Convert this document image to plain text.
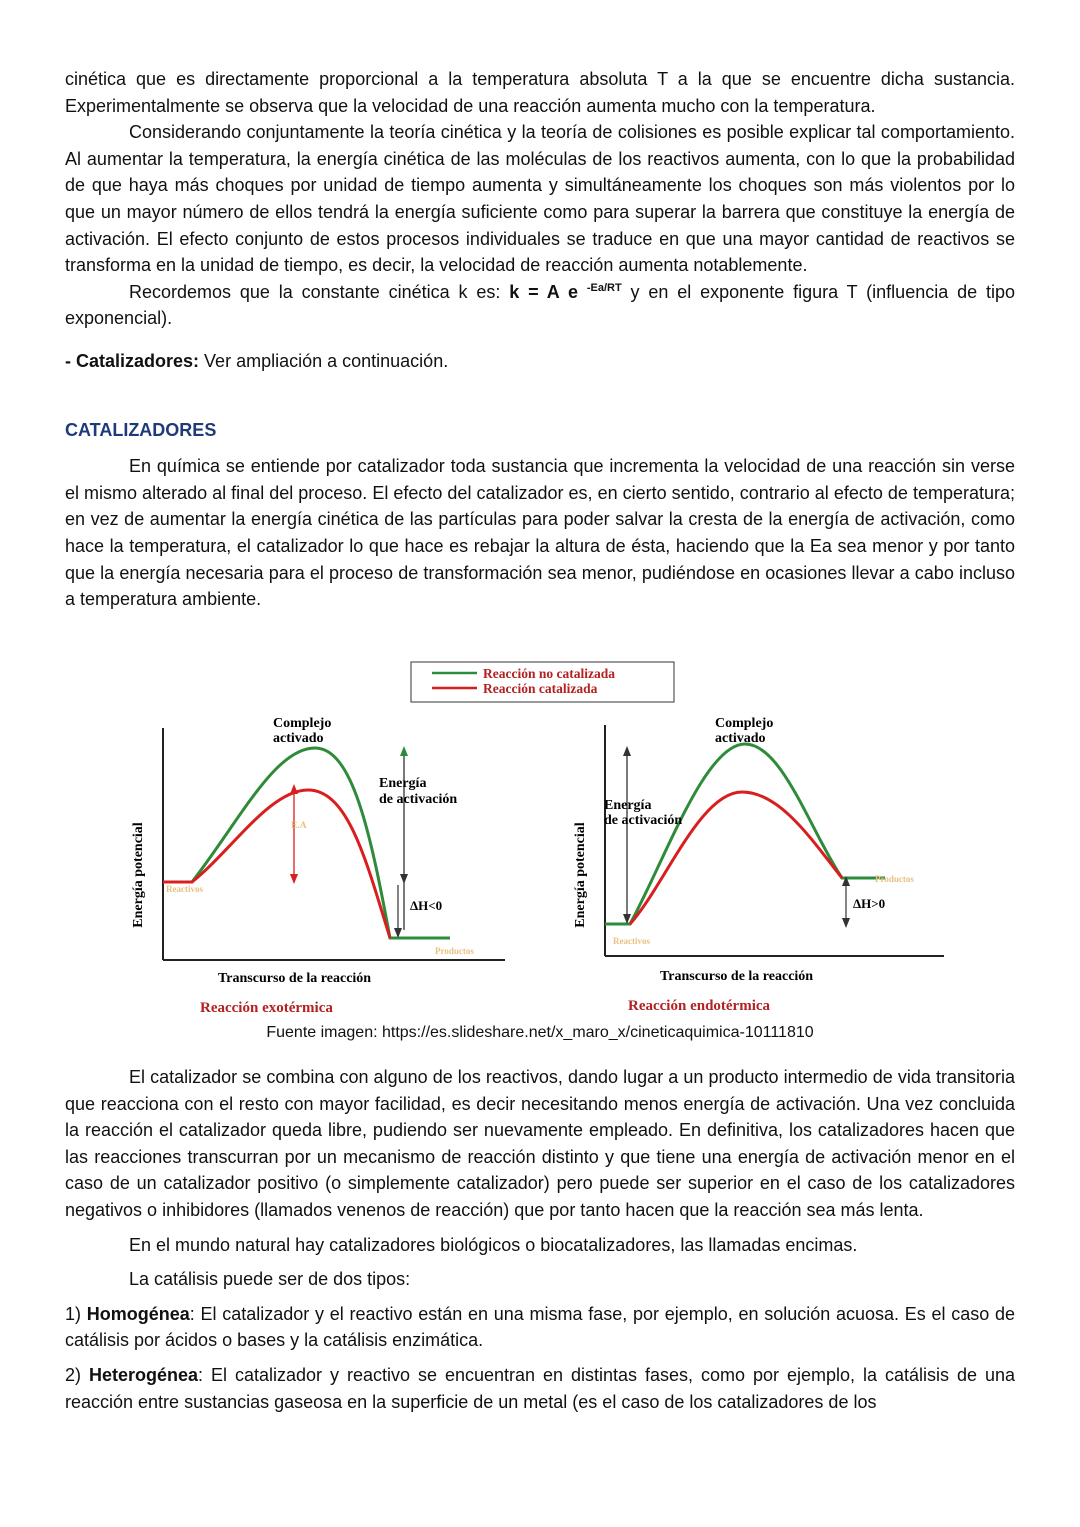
cinética que es directamente proporcional a la temperatura absoluta T a la que se encuentre dicha sustancia. Experimentalmente se observa que la velocidad de una reacción aumenta mucho con la temperatura.

Considerando conjuntamente la teoría cinética y la teoría de colisiones es posible explicar tal comportamiento. Al aumentar la temperatura, la energía cinética de las moléculas de los reactivos aumenta, con lo que la probabilidad de que haya más choques por unidad de tiempo aumenta y simultáneamente los choques son más violentos por lo que un mayor número de ellos tendrá la energía suficiente como para superar la barrera que constituye la energía de activación. El efecto conjunto de estos procesos individuales se traduce en que una mayor cantidad de reactivos se transforma en la unidad de tiempo, es decir, la velocidad de reacción aumenta notablemente.

Recordemos que la constante cinética k es: k = A e $^{-Ea/RT}$ y en el exponente figura T (influencia de tipo exponencial).

- Catalizadores: Ver ampliación a continuación.

CATALIZADORES

En química se entiende por catalizador toda sustancia que incrementa la velocidad de una reacción sin verse el mismo alterado al final del proceso. El efecto del catalizador es, en cierto sentido, contrario al efecto de temperatura; en vez de aumentar la energía cinética de las partículas para poder salvar la cresta de la energía de activación, como hace la temperatura, el catalizador lo que hace es rebajar la altura de ésta, haciendo que la Ea sea menor y por tanto que la energía necesaria para el proceso de transformación sea menor, pudiéndose en ocasiones llevar a cabo incluso a temperatura ambiente.

Reacción no catalizada
Reacción catalizada
Energía potencial
Complejo
activado
E.A
Energía
de activación
ΔH<0
Reactivos
Productos
Transcurso de la reacción
Reacción exotérmica
Energía potencial
Complejo
activado
Energía
de activación
ΔH>0
Reactivos
Productos
Transcurso de la reacción
Reacción endotérmica
Fuente imagen: https://es.slideshare.net/x_maro_x/cineticaquimica-10111810

El catalizador se combina con alguno de los reactivos, dando lugar a un producto intermedio de vida transitoria que reacciona con el resto con mayor facilidad, es decir necesitando menos energía de activación. Una vez concluida la reacción el catalizador queda libre, pudiendo ser nuevamente empleado. En definitiva, los catalizadores hacen que las reacciones transcurran por un mecanismo de reacción distinto y que tiene una energía de activación menor en el caso de un catalizador positivo (o simplemente catalizador) pero puede ser superior en el caso de los catalizadores negativos o inhibidores (llamados venenos de reacción) que por tanto hacen que la reacción sea más lenta.

En el mundo natural hay catalizadores biológicos o biocatalizadores, las llamadas encimas.

La catálisis puede ser de dos tipos:

1) Homogénea: El catalizador y el reactivo están en una misma fase, por ejemplo, en solución acuosa. Es el caso de catálisis por ácidos o bases y la catálisis enzimática.

2) Heterogénea: El catalizador y reactivo se encuentran en distintas fases, como por ejemplo, la catálisis de una reacción entre sustancias gaseosa en la superficie de un metal (es el caso de los catalizadores de los
